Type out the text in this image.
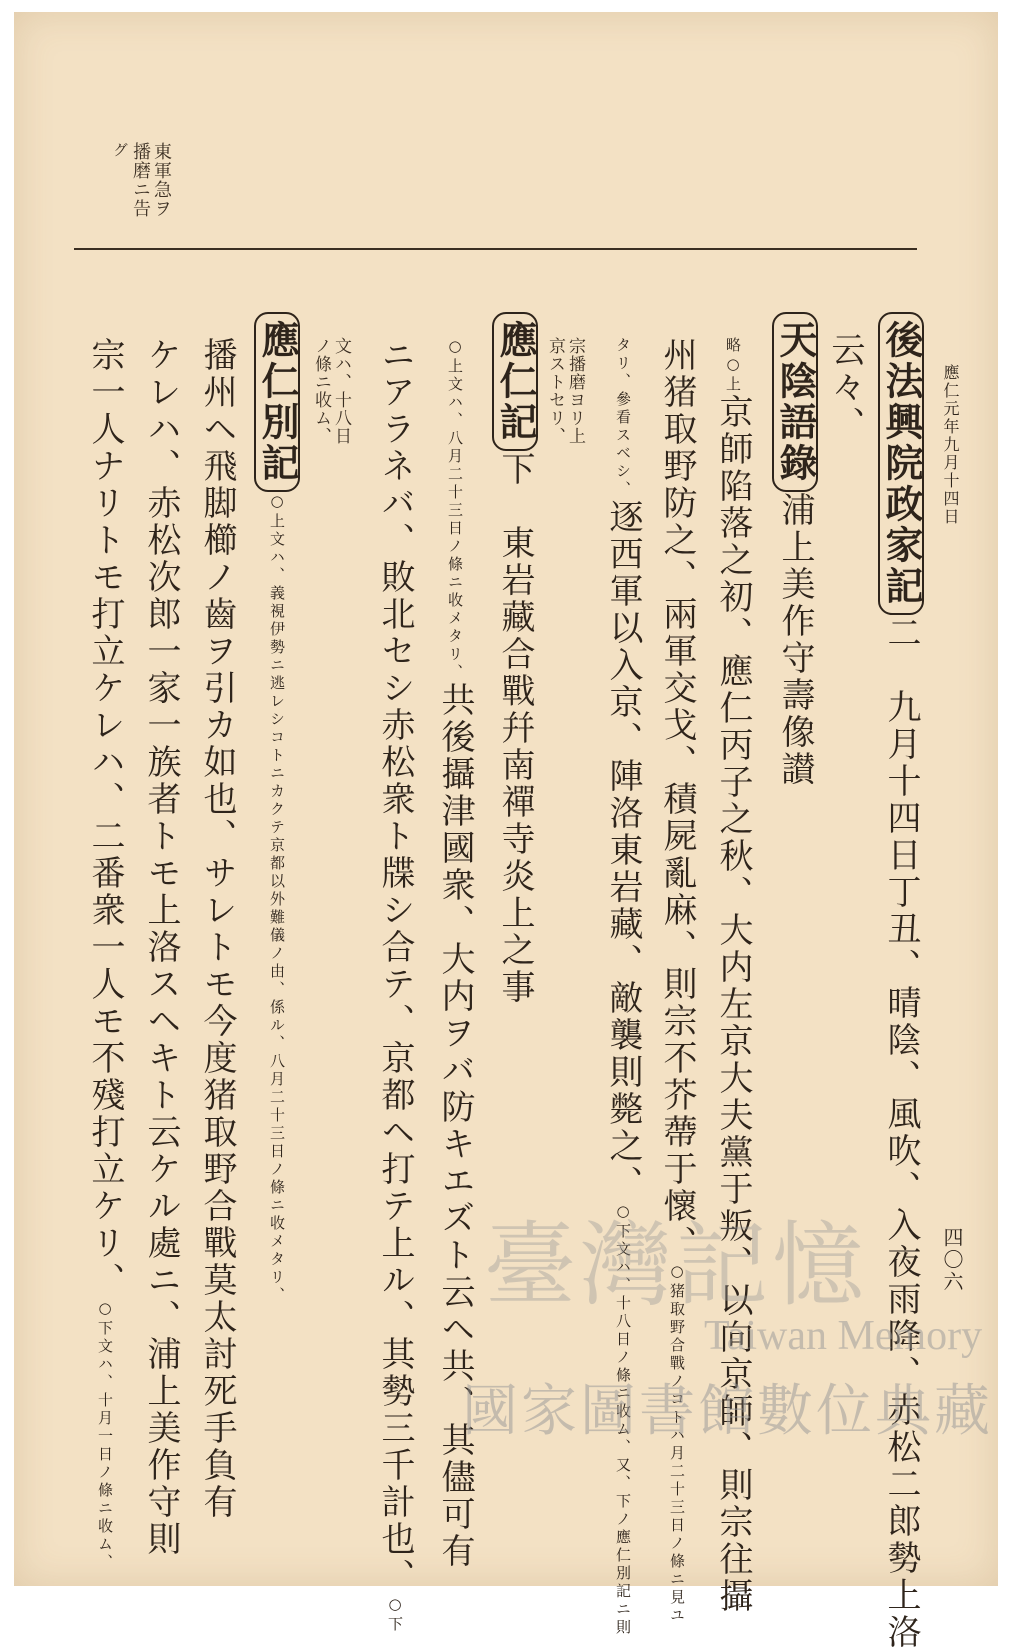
應仁元年九月十四日
四〇六
東軍急ヲ
播磨ニ告
グ
後法興院政家記二　九月十四日丁丑、晴陰、風吹、入夜雨降、赤松二郎勢上洛
云々、
天陰語錄浦上美作守壽像讃
略○上京師陷落之初、應仁丙子之秋、大内左京大夫黨于叛、以向京師、則宗往攝
州猪取野防之、兩軍交戈、積屍亂麻、則宗不芥蔕于懷、○猪取野合戰ノコトハ月二十三日ノ條ニ見ユ
タリ、參看スベシ、逐西軍以入京、陣洛東岩藏、敵襲則斃之、○下文ハ、十八日ノ條ニ收ム、又、下ノ應仁別記ニ則
宗播磨ヨリ上
京ストセリ、
應仁記下　東岩藏合戰幷南禪寺炎上之事
○上文ハ、八月二十三日ノ條ニ收メタリ、共後攝津國衆、大内ヲバ防キエズト云ヘ共、其儘可有
ニアラネバ、敗北セシ赤松衆ト牒シ合テ、京都ヘ打テ上ル、其勢三千計也、○下
文ハ、十八日
ノ條ニ收ム、
應仁別記○上文ハ、義視伊勢ニ逃レシコトニカクテ京都以外難儀ノ由、係ル、八月二十三日ノ條ニ收メタリ、
播州ヘ飛脚櫛ノ齒ヲ引カ如也、サレトモ今度猪取野合戰莫太討死手負有
ケレハ、赤松次郎一家一族者トモ上洛スヘキト云ケル處ニ、浦上美作守則
宗一人ナリトモ打立ケレハ、二番衆一人モ不殘打立ケリ、○下文ハ、十月一日ノ條ニ收ム、
臺灣記憶
Taiwan Memory
國家圖書館數位典藏
